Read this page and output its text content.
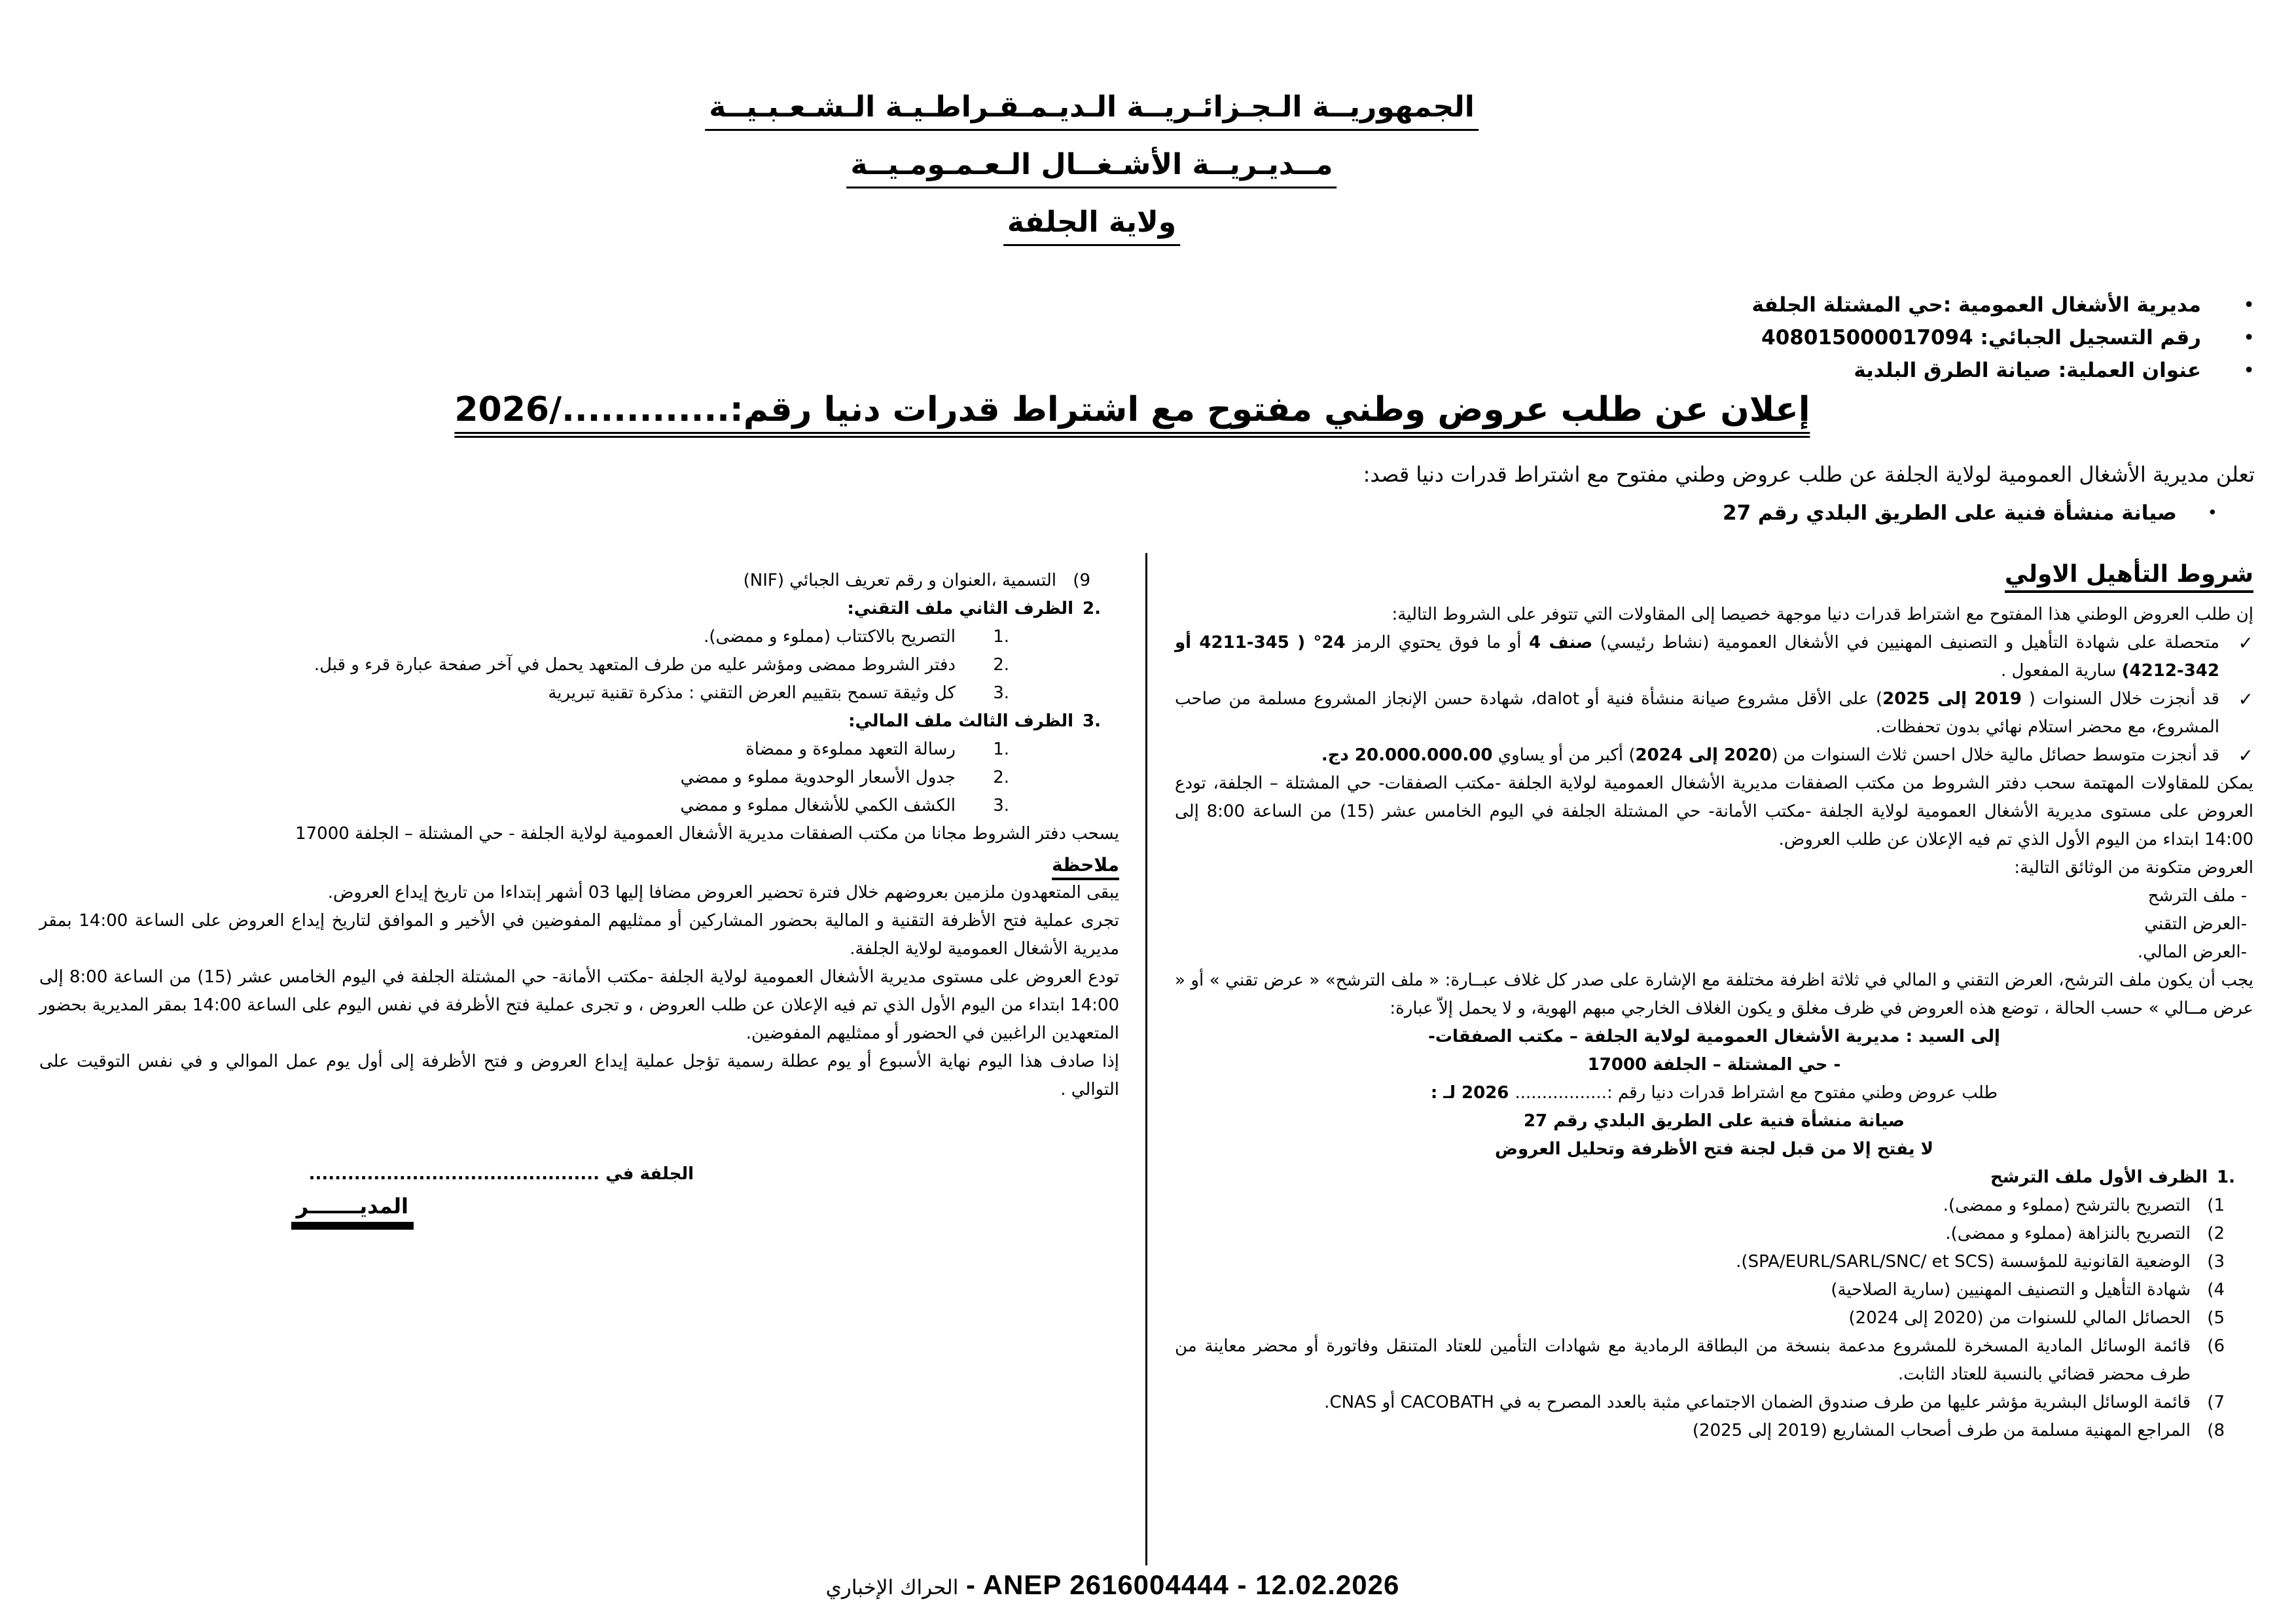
الجمهوريــة الـجـزائـريــة الـديـمـقـراطـيـة الـشـعـبـيــة
مــديـريــة الأشـغــال الـعـمـومـيــة
ولاية الجلفة
•
مديرية الأشغال العمومية :حي المشتلة الجلفة
•
رقم التسجيل الجبائي: 408015000017094
•
عنوان العملية: صيانة الطرق البلدية
إعلان عن طلب عروض وطني مفتوح مع اشتراط قدرات دنيا رقم:............./2026
تعلن مديرية الأشغال العمومية لولاية الجلفة عن طلب عروض وطني مفتوح مع اشتراط قدرات دنيا قصد:
•
صيانة منشأة فنية على الطريق البلدي رقم 27
شروط التأهيل الاولي
إن طلب العروض الوطني هذا المفتوح مع اشتراط قدرات دنيا موجهة خصيصا إلى المقاولات التي تتوفر على الشروط التالية:
✓
متحصلة على شهادة التأهيل و التصنيف المهنيين في الأشغال العمومية (نشاط رئيسي) صنف 4 أو ما فوق يحتوي الرمز 24° ( 345-4211 أو 342-4212) سارية المفعول .
✓
قد أنجزت خلال السنوات ( 2019 إلى 2025) على الأقل مشروع صيانة منشأة فنية أو dalot، شهادة حسن الإنجاز المشروع مسلمة من صاحب المشروع، مع محضر استلام نهائي بدون تحفظات.
✓
قد أنجزت متوسط حصائل مالية خلال احسن ثلاث السنوات من (2020 إلى 2024) أكبر من أو يساوي 20.000.000.00 دج.
يمكن للمقاولات المهتمة سحب دفتر الشروط من مكتب الصفقات مديرية الأشغال العمومية لولاية الجلفة -مكتب الصفقات- حي المشتلة – الجلفة، تودع العروض على مستوى مديرية الأشغال العمومية لولاية الجلفة -مكتب الأمانة- حي المشتلة الجلفة في اليوم الخامس عشر (15) من الساعة 8:00 إلى 14:00 ابتداء من اليوم الأول الذي تم فيه الإعلان عن طلب العروض.
العروض متكونة من الوثائق التالية:
- ملف الترشح
-العرض التقني
-العرض المالي.
يجب أن يكون ملف الترشح، العرض التقني و المالي في ثلاثة اظرفة مختلفة مع الإشارة على صدر كل غلاف عبــارة: « ملف الترشح» « عرض تقني » أو « عرض مــالي » حسب الحالة ، توضع هذه العروض في ظرف مغلق و يكون الغلاف الخارجي مبهم الهوية، و لا يحمل إلاّ عبارة:
إلى السيد : مديرية الأشغال العمومية لولاية الجلفة – مكتب الصفقات-
- حي المشتلة – الجلفة 17000
طلب عروض وطني مفتوح مع اشتراط قدرات دنيا رقم :................. 2026 لـ :
صيانة منشأة فنية على الطريق البلدي رقم 27
لا يفتح إلا من قبل لجنة فتح الأظرفة وتحليل العروض
.1
الظرف الأول ملف الترشح
1)
التصريح بالترشح (مملوء و ممضى).
2)
التصريح بالنزاهة (مملوء و ممضى).
3)
الوضعية القانونية للمؤسسة (SPA/EURL/SARL/SNC/ et SCS).
4)
شهادة التأهيل و التصنيف المهنيين (سارية الصلاحية)
5)
الحصائل المالي للسنوات من (2020 إلى 2024)
6)
قائمة الوسائل المادية المسخرة للمشروع مدعمة بنسخة من البطاقة الرمادية مع شهادات التأمين للعتاد المتنقل وفاتورة أو محضر معاينة من طرف محضر قضائي بالنسبة للعتاد الثابت.
7)
قائمة الوسائل البشرية مؤشر عليها من طرف صندوق الضمان الاجتماعي مثبة بالعدد المصرح به في CACOBATH أو CNAS.
8)
المراجع المهنية مسلمة من طرف أصحاب المشاريع (2019 إلى 2025)
9)
التسمية ،العنوان و رقم تعريف الجبائي (NIF)
.2
الظرف الثاني ملف التقني:
.1
التصريح بالاكتتاب (مملوء و ممضى).
.2
دفتر الشروط ممضى ومؤشر عليه من طرف المتعهد يحمل في آخر صفحة عبارة قرء و قبل.
.3
كل وثيقة تسمح بتقييم العرض التقني : مذكرة تقنية تبريرية
.3
الظرف الثالث ملف المالي:
.1
رسالة التعهد مملوءة و ممضاة
.2
جدول الأسعار الوحدوية مملوء و ممضي
.3
الكشف الكمي للأشغال مملوء و ممضي
يسحب دفتر الشروط مجانا من مكتب الصفقات مديرية الأشغال العمومية لولاية الجلفة - حي المشتلة – الجلفة 17000
ملاحظة
يبقى المتعهدون ملزمين بعروضهم خلال فترة تحضير العروض مضافا إليها 03 أشهر إبتداءا من تاريخ إيداع العروض.
تجرى عملية فتح الأظرفة التقنية و المالية بحضور المشاركين أو ممثليهم المفوضين في الأخير و الموافق لتاريخ إيداع العروض على الساعة 14:00 بمقر مديرية الأشغال العمومية لولاية الجلفة.
تودع العروض على مستوى مديرية الأشغال العمومية لولاية الجلفة -مكتب الأمانة- حي المشتلة الجلفة في اليوم الخامس عشر (15) من الساعة 8:00 إلى 14:00 ابتداء من اليوم الأول الذي تم فيه الإعلان عن طلب العروض ، و تجرى عملية فتح الأظرفة في نفس اليوم على الساعة 14:00 بمقر المديرية بحضور المتعهدين الراغبين في الحضور أو ممثليهم المفوضين.
إذا صادف هذا اليوم نهاية الأسبوع أو يوم عطلة رسمية تؤجل عملية إيداع العروض و فتح الأظرفة إلى أول يوم عمل الموالي و في نفس التوقيت على التوالي .
الجلفة في .............................................
المديـــــــر
الحراك الإخباري - ANEP 2616004444 - 12.02.2026
